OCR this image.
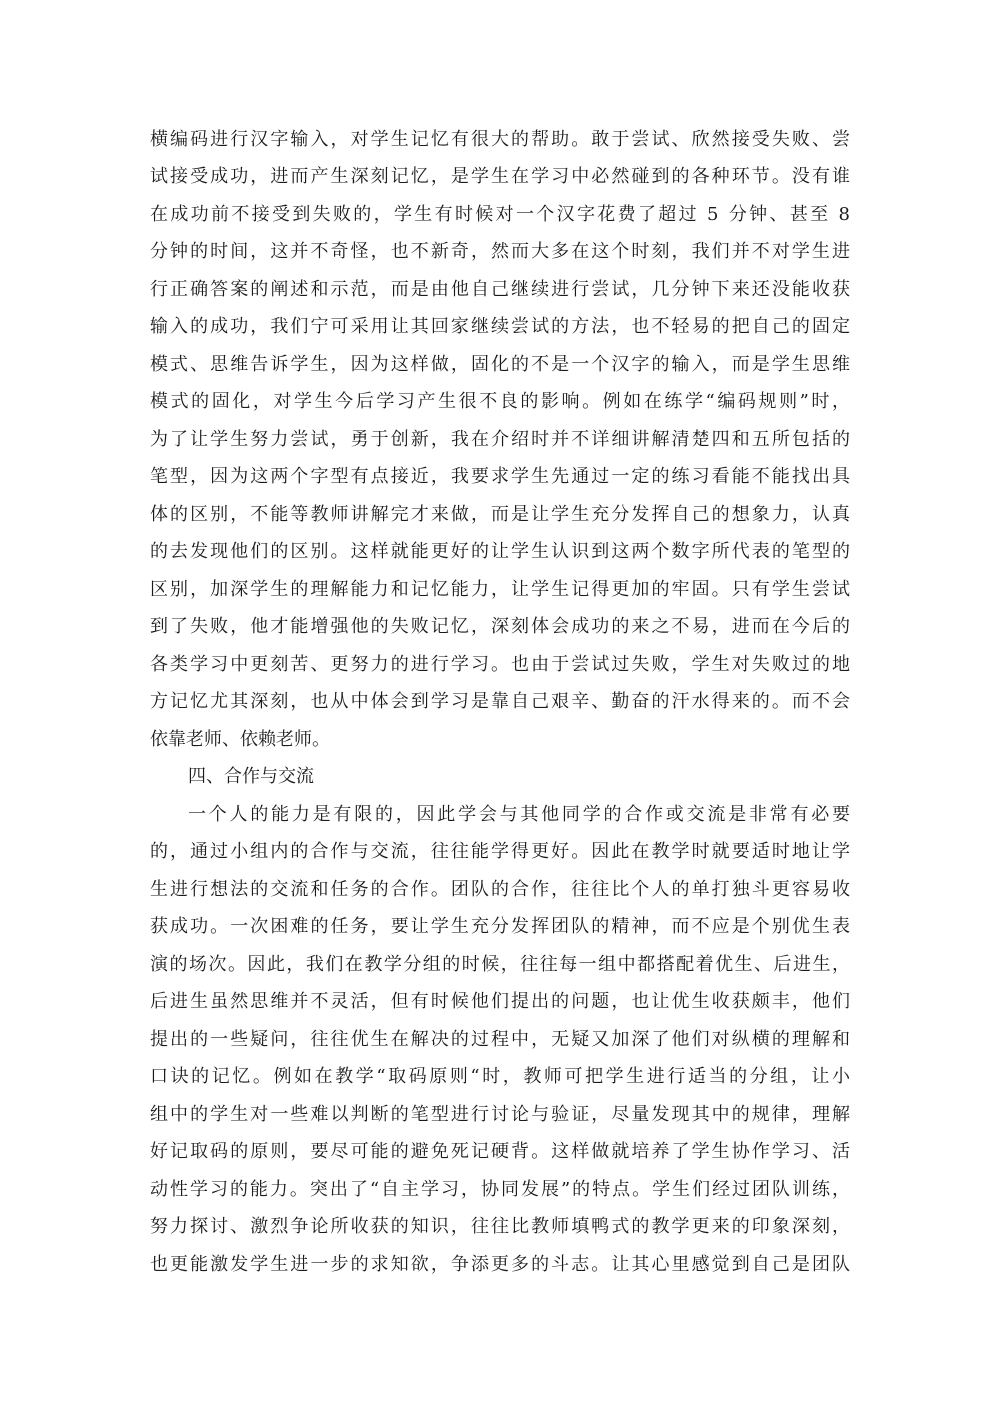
横编码进行汉字输入，对学生记忆有很大的帮助。敢于尝试、欣然接受失败、尝
试接受成功，进而产生深刻记忆，是学生在学习中必然碰到的各种环节。没有谁
在成功前不接受到失败的，学生有时候对一个汉字花费了超过 5 分钟、甚至 8
分钟的时间，这并不奇怪，也不新奇，然而大多在这个时刻，我们并不对学生进
行正确答案的阐述和示范，而是由他自己继续进行尝试，几分钟下来还没能收获
输入的成功，我们宁可采用让其回家继续尝试的方法，也不轻易的把自己的固定
模式、思维告诉学生，因为这样做，固化的不是一个汉字的输入，而是学生思维
模式的固化，对学生今后学习产生很不良的影响。例如在练学“编码规则”时，
为了让学生努力尝试，勇于创新，我在介绍时并不详细讲解清楚四和五所包括的
笔型，因为这两个字型有点接近，我要求学生先通过一定的练习看能不能找出具
体的区别，不能等教师讲解完才来做，而是让学生充分发挥自己的想象力，认真
的去发现他们的区别。这样就能更好的让学生认识到这两个数字所代表的笔型的
区别，加深学生的理解能力和记忆能力，让学生记得更加的牢固。只有学生尝试
到了失败，他才能增强他的失败记忆，深刻体会成功的来之不易，进而在今后的
各类学习中更刻苦、更努力的进行学习。也由于尝试过失败，学生对失败过的地
方记忆尤其深刻，也从中体会到学习是靠自己艰辛、勤奋的汗水得来的。而不会
依靠老师、依赖老师。
四、合作与交流
一个人的能力是有限的，因此学会与其他同学的合作或交流是非常有必要
的，通过小组内的合作与交流，往往能学得更好。因此在教学时就要适时地让学
生进行想法的交流和任务的合作。团队的合作，往往比个人的单打独斗更容易收
获成功。一次困难的任务，要让学生充分发挥团队的精神，而不应是个别优生表
演的场次。因此，我们在教学分组的时候，往往每一组中都搭配着优生、后进生，
后进生虽然思维并不灵活，但有时候他们提出的问题，也让优生收获颇丰，他们
提出的一些疑问，往往优生在解决的过程中，无疑又加深了他们对纵横的理解和
口诀的记忆。例如在教学“取码原则“时，教师可把学生进行适当的分组，让小
组中的学生对一些难以判断的笔型进行讨论与验证，尽量发现其中的规律，理解
好记取码的原则，要尽可能的避免死记硬背。这样做就培养了学生协作学习、活
动性学习的能力。突出了“自主学习，协同发展”的特点。学生们经过团队训练，
努力探讨、激烈争论所收获的知识，往往比教师填鸭式的教学更来的印象深刻，
也更能激发学生进一步的求知欲，争添更多的斗志。让其心里感觉到自己是团队
